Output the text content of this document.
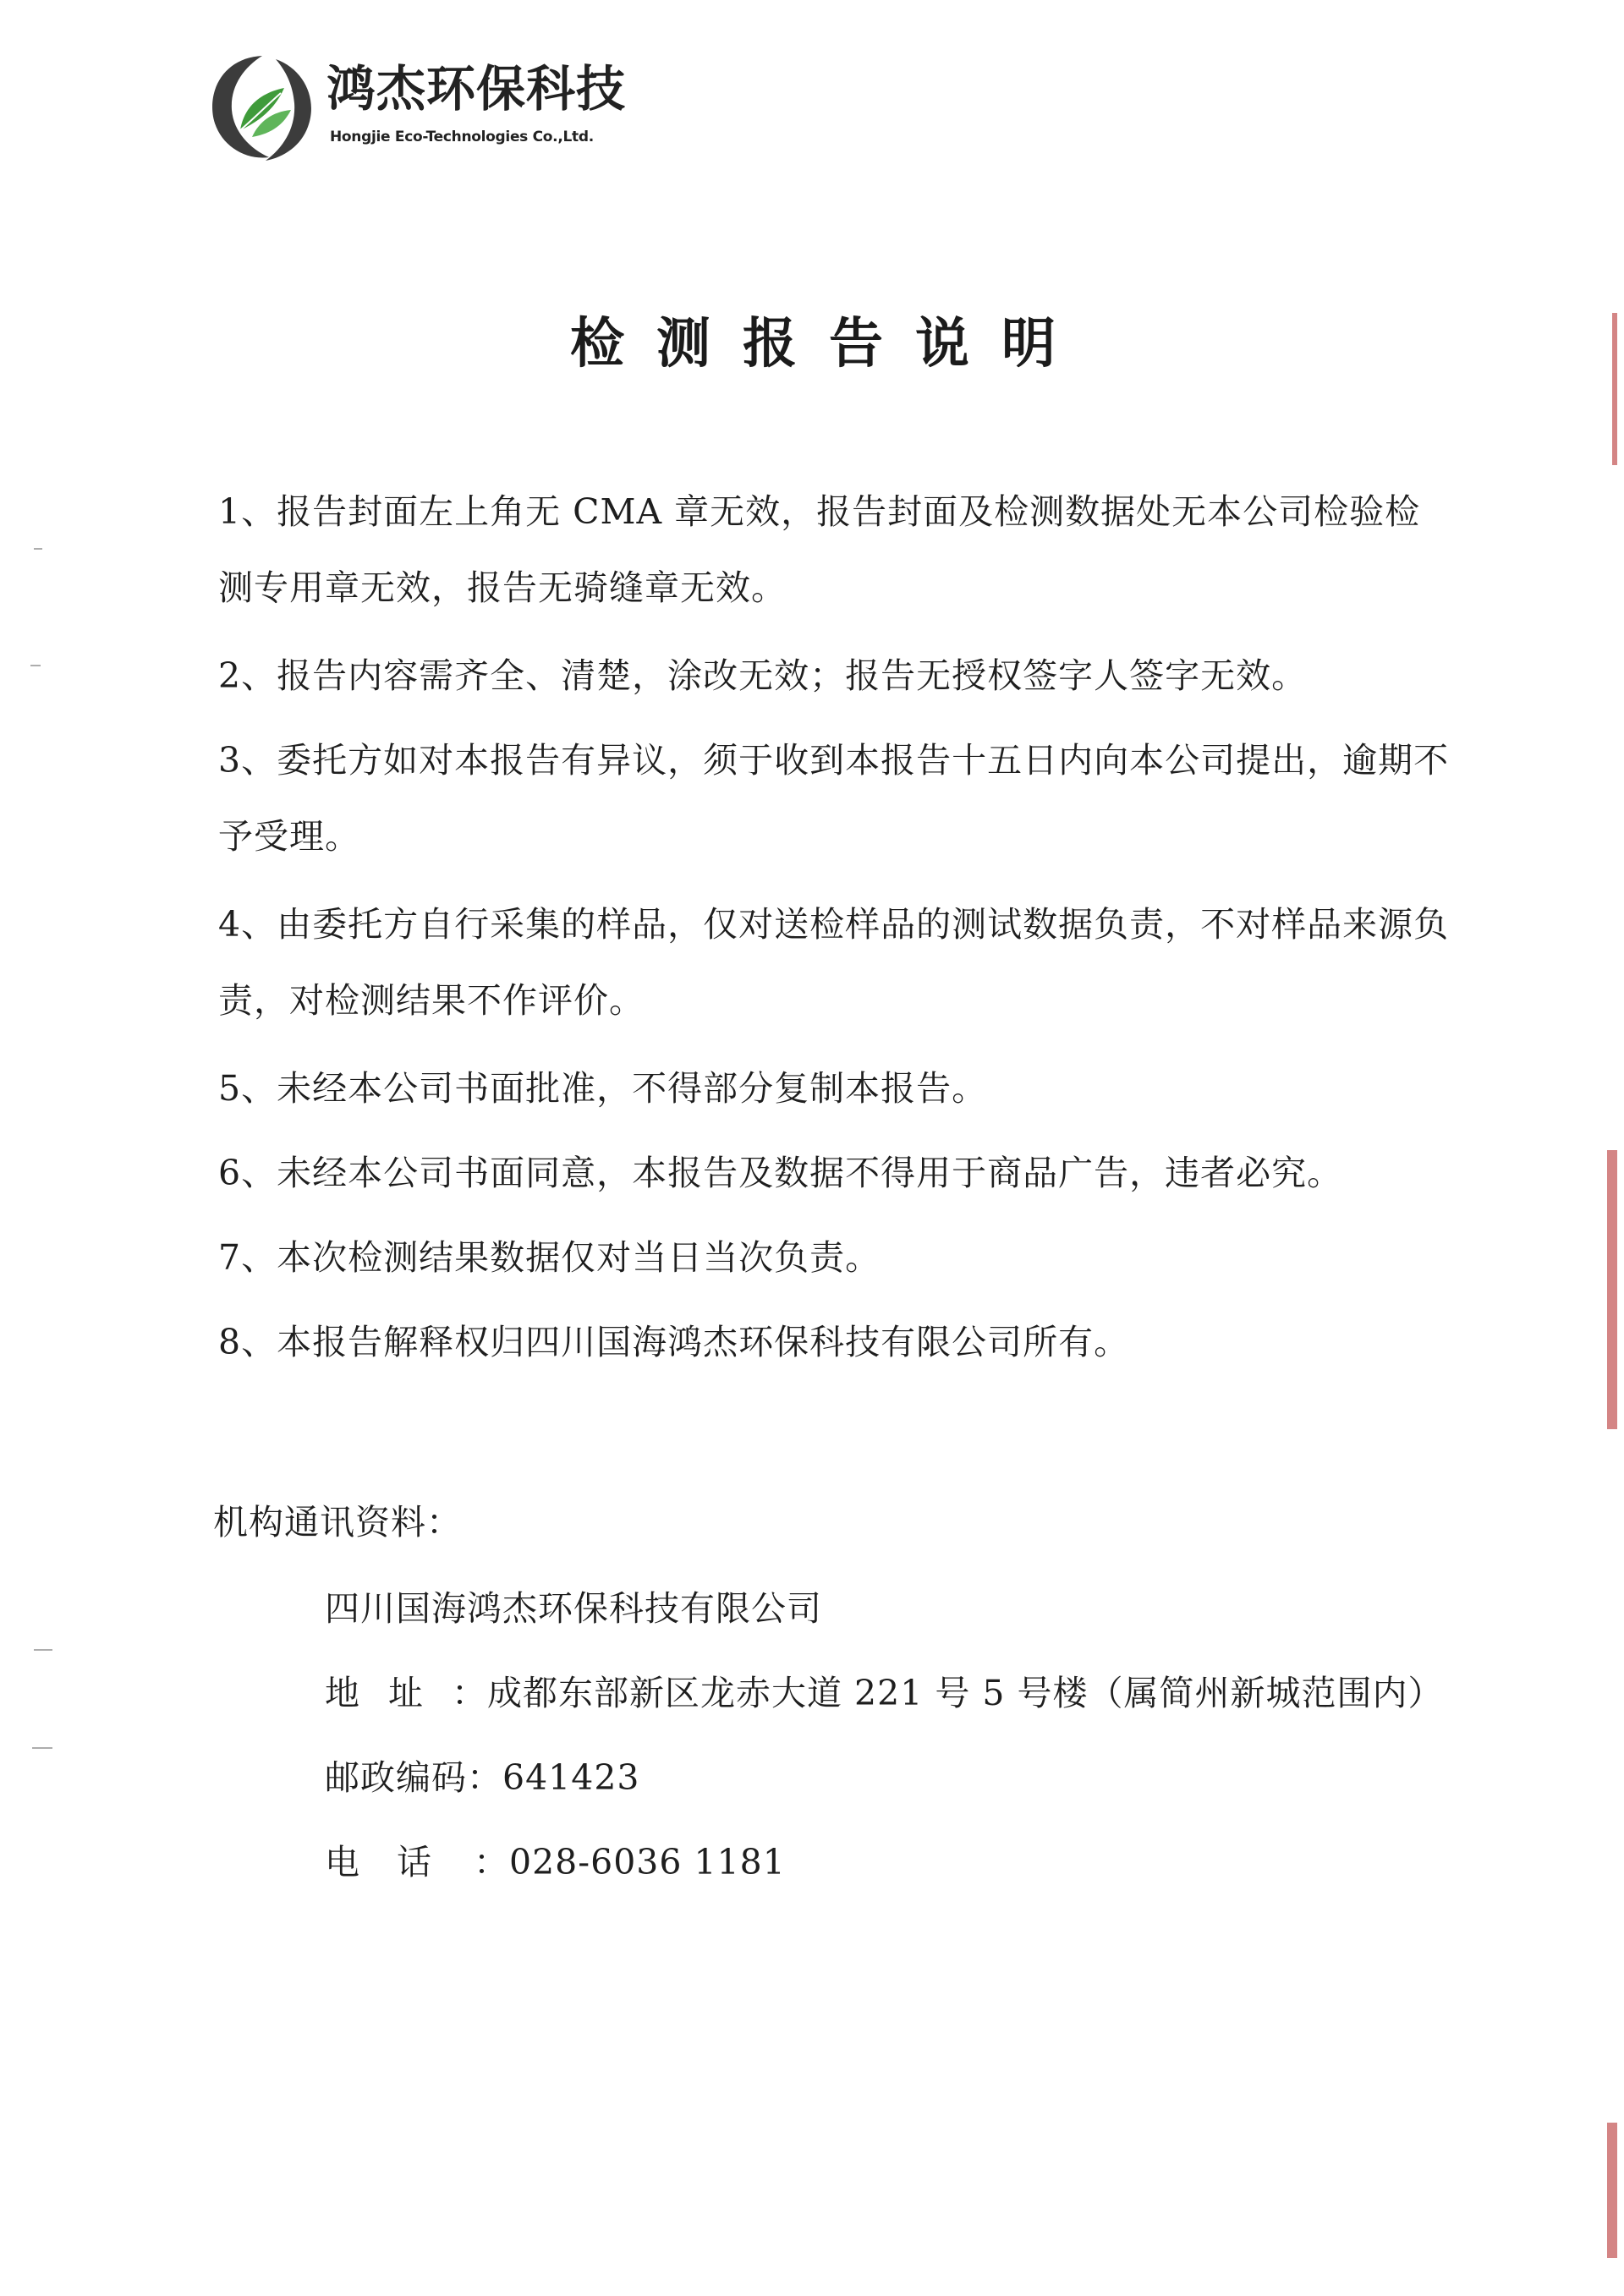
鸿杰环保科技
Hongjie Eco-Technologies Co.,Ltd.
检测报告说明
1、报告封面左上角无 CMA 章无效，报告封面及检测数据处无本公司检验检测专用章无效，报告无骑缝章无效。
2、报告内容需齐全、清楚，涂改无效；报告无授权签字人签字无效。
3、委托方如对本报告有异议，须于收到本报告十五日内向本公司提出，逾期不予受理。
4、由委托方自行采集的样品，仅对送检样品的测试数据负责，不对样品来源负责，对检测结果不作评价。
5、未经本公司书面批准，不得部分复制本报告。
6、未经本公司书面同意，本报告及数据不得用于商品广告，违者必究。
7、本次检测结果数据仅对当日当次负责。
8、本报告解释权归四川国海鸿杰环保科技有限公司所有。
机构通讯资料：
四川国海鸿杰环保科技有限公司
地址：成都东部新区龙赤大道 221 号 5 号楼（属简州新城范围内）
邮政编码：641423
电话 ：028-6036 1181
